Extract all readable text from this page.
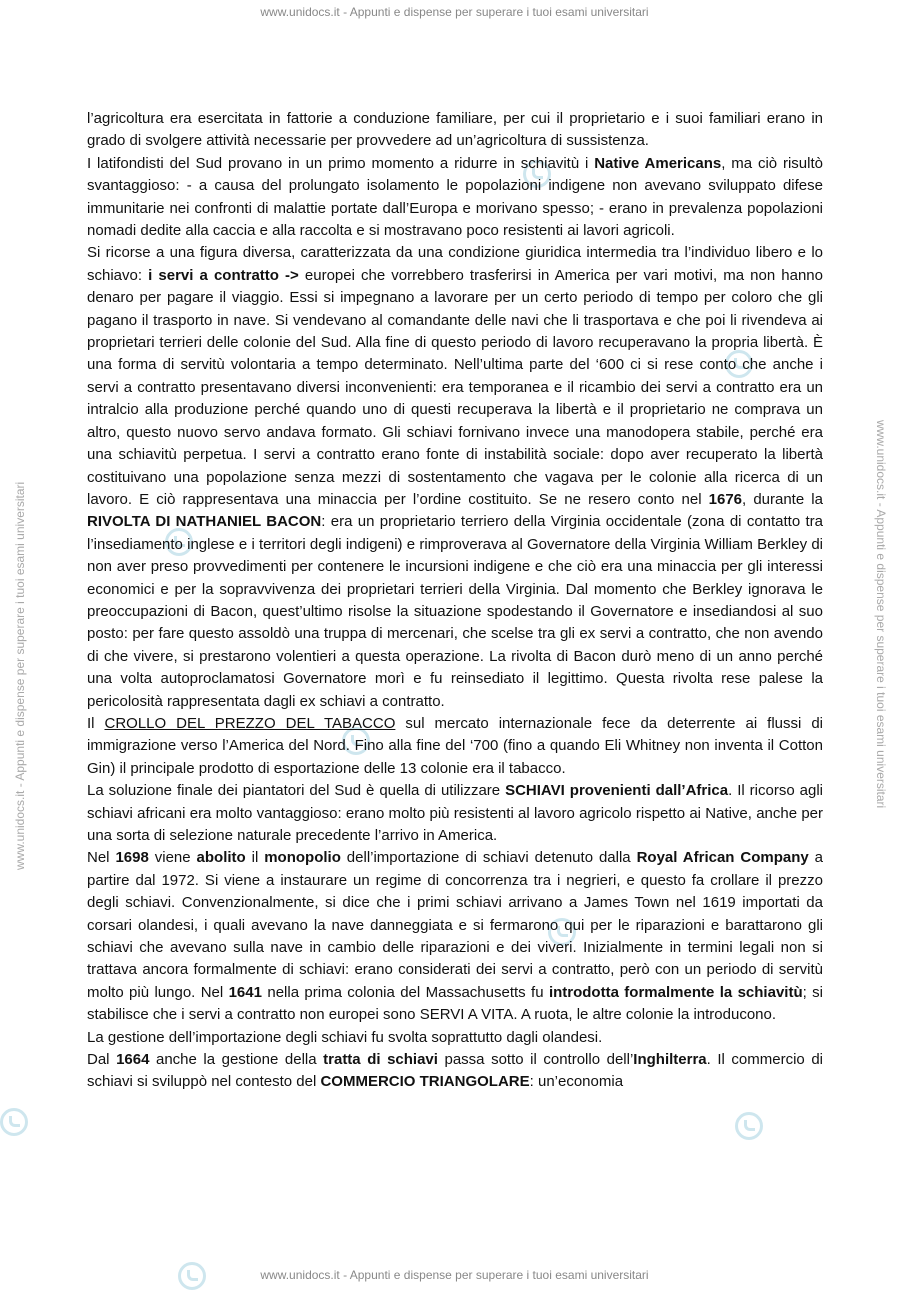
www.unidocs.it - Appunti e dispense per superare i tuoi esami universitari
www.unidocs.it - Appunti e dispense per superare i tuoi esami universitari
www.unidocs.it - Appunti e dispense per superare i tuoi esami universitari	www.unidocs.it - Appunti e dispense per superare i tuoi esami universitari

l’agricoltura era esercitata in fattorie a conduzione familiare, per cui il proprietario e i suoi familiari erano in grado di svolgere attività necessarie per provvedere ad un’agricoltura di sussistenza.

I latifondisti del Sud provano in un primo momento a ridurre in schiavitù i Native Americans, ma ciò risultò svantaggioso: - a causa del prolungato isolamento le popolazioni indigene non avevano sviluppato difese immunitarie nei confronti di malattie portate dall’Europa e morivano spesso; - erano in prevalenza popolazioni nomadi dedite alla caccia e alla raccolta e si mostravano poco resistenti ai lavori agricoli.

Si ricorse a una figura diversa, caratterizzata da una condizione giuridica intermedia tra l’individuo libero e lo schiavo: i servi a contratto -> europei che vorrebbero trasferirsi in America per vari motivi, ma non hanno denaro per pagare il viaggio. Essi si impegnano a lavorare per un certo periodo di tempo per coloro che gli pagano il trasporto in nave. Si vendevano al comandante delle navi che li trasportava e che poi li rivendeva ai proprietari terrieri delle colonie del Sud. Alla fine di questo periodo di lavoro recuperavano la propria libertà. È una forma di servitù volontaria a tempo determinato. Nell’ultima parte del ‘600 ci si rese conto che anche i servi a contratto presentavano diversi inconvenienti: era temporanea e il ricambio dei servi a contratto era un intralcio alla produzione perché quando uno di questi recuperava la libertà e il proprietario ne comprava un altro, questo nuovo servo andava formato. Gli schiavi fornivano invece una manodopera stabile, perché era una schiavitù perpetua. I servi a contratto erano fonte di instabilità sociale: dopo aver recuperato la libertà costituivano una popolazione senza mezzi di sostentamento che vagava per le colonie alla ricerca di un lavoro. E ciò rappresentava una minaccia per l’ordine costituito. Se ne resero conto nel 1676, durante la RIVOLTA DI NATHANIEL BACON: era un proprietario terriero della Virginia occidentale (zona di contatto tra l’insediamento inglese e i territori degli indigeni) e rimproverava al Governatore della Virginia William Berkley di non aver preso provvedimenti per contenere le incursioni indigene e che ciò era una minaccia per gli interessi economici e per la sopravvivenza dei proprietari terrieri della Virginia. Dal momento che Berkley ignorava le preoccupazioni di Bacon, quest’ultimo risolse la situazione spodestando il Governatore e insediandosi al suo posto: per fare questo assoldò una truppa di mercenari, che scelse tra gli ex servi a contratto, che non avendo di che vivere, si prestarono volentieri a questa operazione. La rivolta di Bacon durò meno di un anno perché una volta autoproclamatosi Governatore morì e fu reinsediato il legittimo. Questa rivolta rese palese la pericolosità rappresentata dagli ex schiavi a contratto.

Il CROLLO DEL PREZZO DEL TABACCO sul mercato internazionale fece da deterrente ai flussi di immigrazione verso l’America del Nord. Fino alla fine del ‘700 (fino a quando Eli Whitney non inventa il Cotton Gin) il principale prodotto di esportazione delle 13 colonie era il tabacco.

La soluzione finale dei piantatori del Sud è quella di utilizzare SCHIAVI provenienti dall’Africa. Il ricorso agli schiavi africani era molto vantaggioso: erano molto più resistenti al lavoro agricolo rispetto ai Native, anche per una sorta di selezione naturale precedente l’arrivo in America.

Nel 1698 viene abolito il monopolio dell’importazione di schiavi detenuto dalla Royal African Company a partire dal 1972. Si viene a instaurare un regime di concorrenza tra i negrieri, e questo fa crollare il prezzo degli schiavi. Convenzionalmente, si dice che i primi schiavi arrivano a James Town nel 1619 importati da corsari olandesi, i quali avevano la nave danneggiata e si fermarono qui per le riparazioni e barattarono gli schiavi che avevano sulla nave in cambio delle riparazioni e dei viveri. Inizialmente in termini legali non si trattava ancora formalmente di schiavi: erano considerati dei servi a contratto, però con un periodo di servitù molto più lungo. Nel 1641 nella prima colonia del Massachusetts fu introdotta formalmente la schiavitù; si stabilisce che i servi a contratto non europei sono SERVI A VITA. A ruota, le altre colonie la introducono.

La gestione dell’importazione degli schiavi fu svolta soprattutto dagli olandesi.

Dal 1664 anche la gestione della tratta di schiavi passa sotto il controllo dell’Inghilterra. Il commercio di schiavi si sviluppò nel contesto del COMMERCIO TRIANGOLARE: un’economia
